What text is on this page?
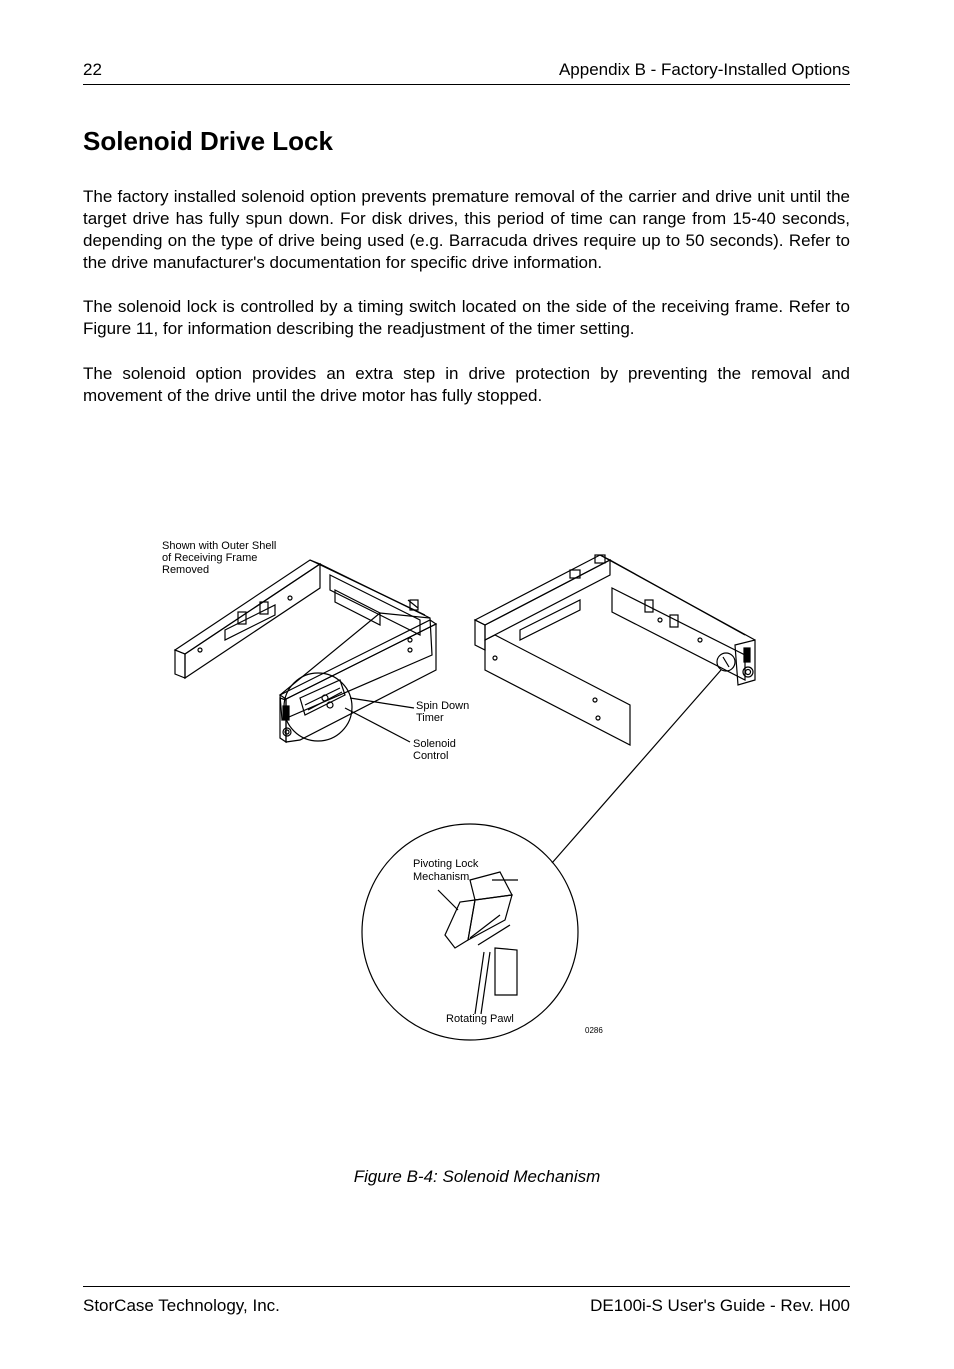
22	Appendix B - Factory-Installed Options
Solenoid Drive Lock

The factory installed solenoid option prevents premature removal of the carrier and drive unit until the target drive has fully spun down. For disk drives, this period of time can range from 15-40 seconds, depending on the type of drive being used (e.g. Barracuda drives require up to 50 seconds). Refer to the drive manufacturer's documentation for specific drive information.

The solenoid lock is controlled by a timing switch located on the side of the receiving frame. Refer to Figure 11, for information describing the readjustment of the timer setting.

The solenoid option provides an extra step in drive protection by preventing the removal and movement of the drive until the drive motor has fully stopped.

Shown with Outer Shell
of Receiving Frame
Removed
Spin Down
Timer
Solenoid
Control
Pivoting Lock
Mechanism
Rotating Pawl
0286
Figure B-4: Solenoid Mechanism
StorCase Technology, Inc.	DE100i-S User's Guide - Rev. H00
